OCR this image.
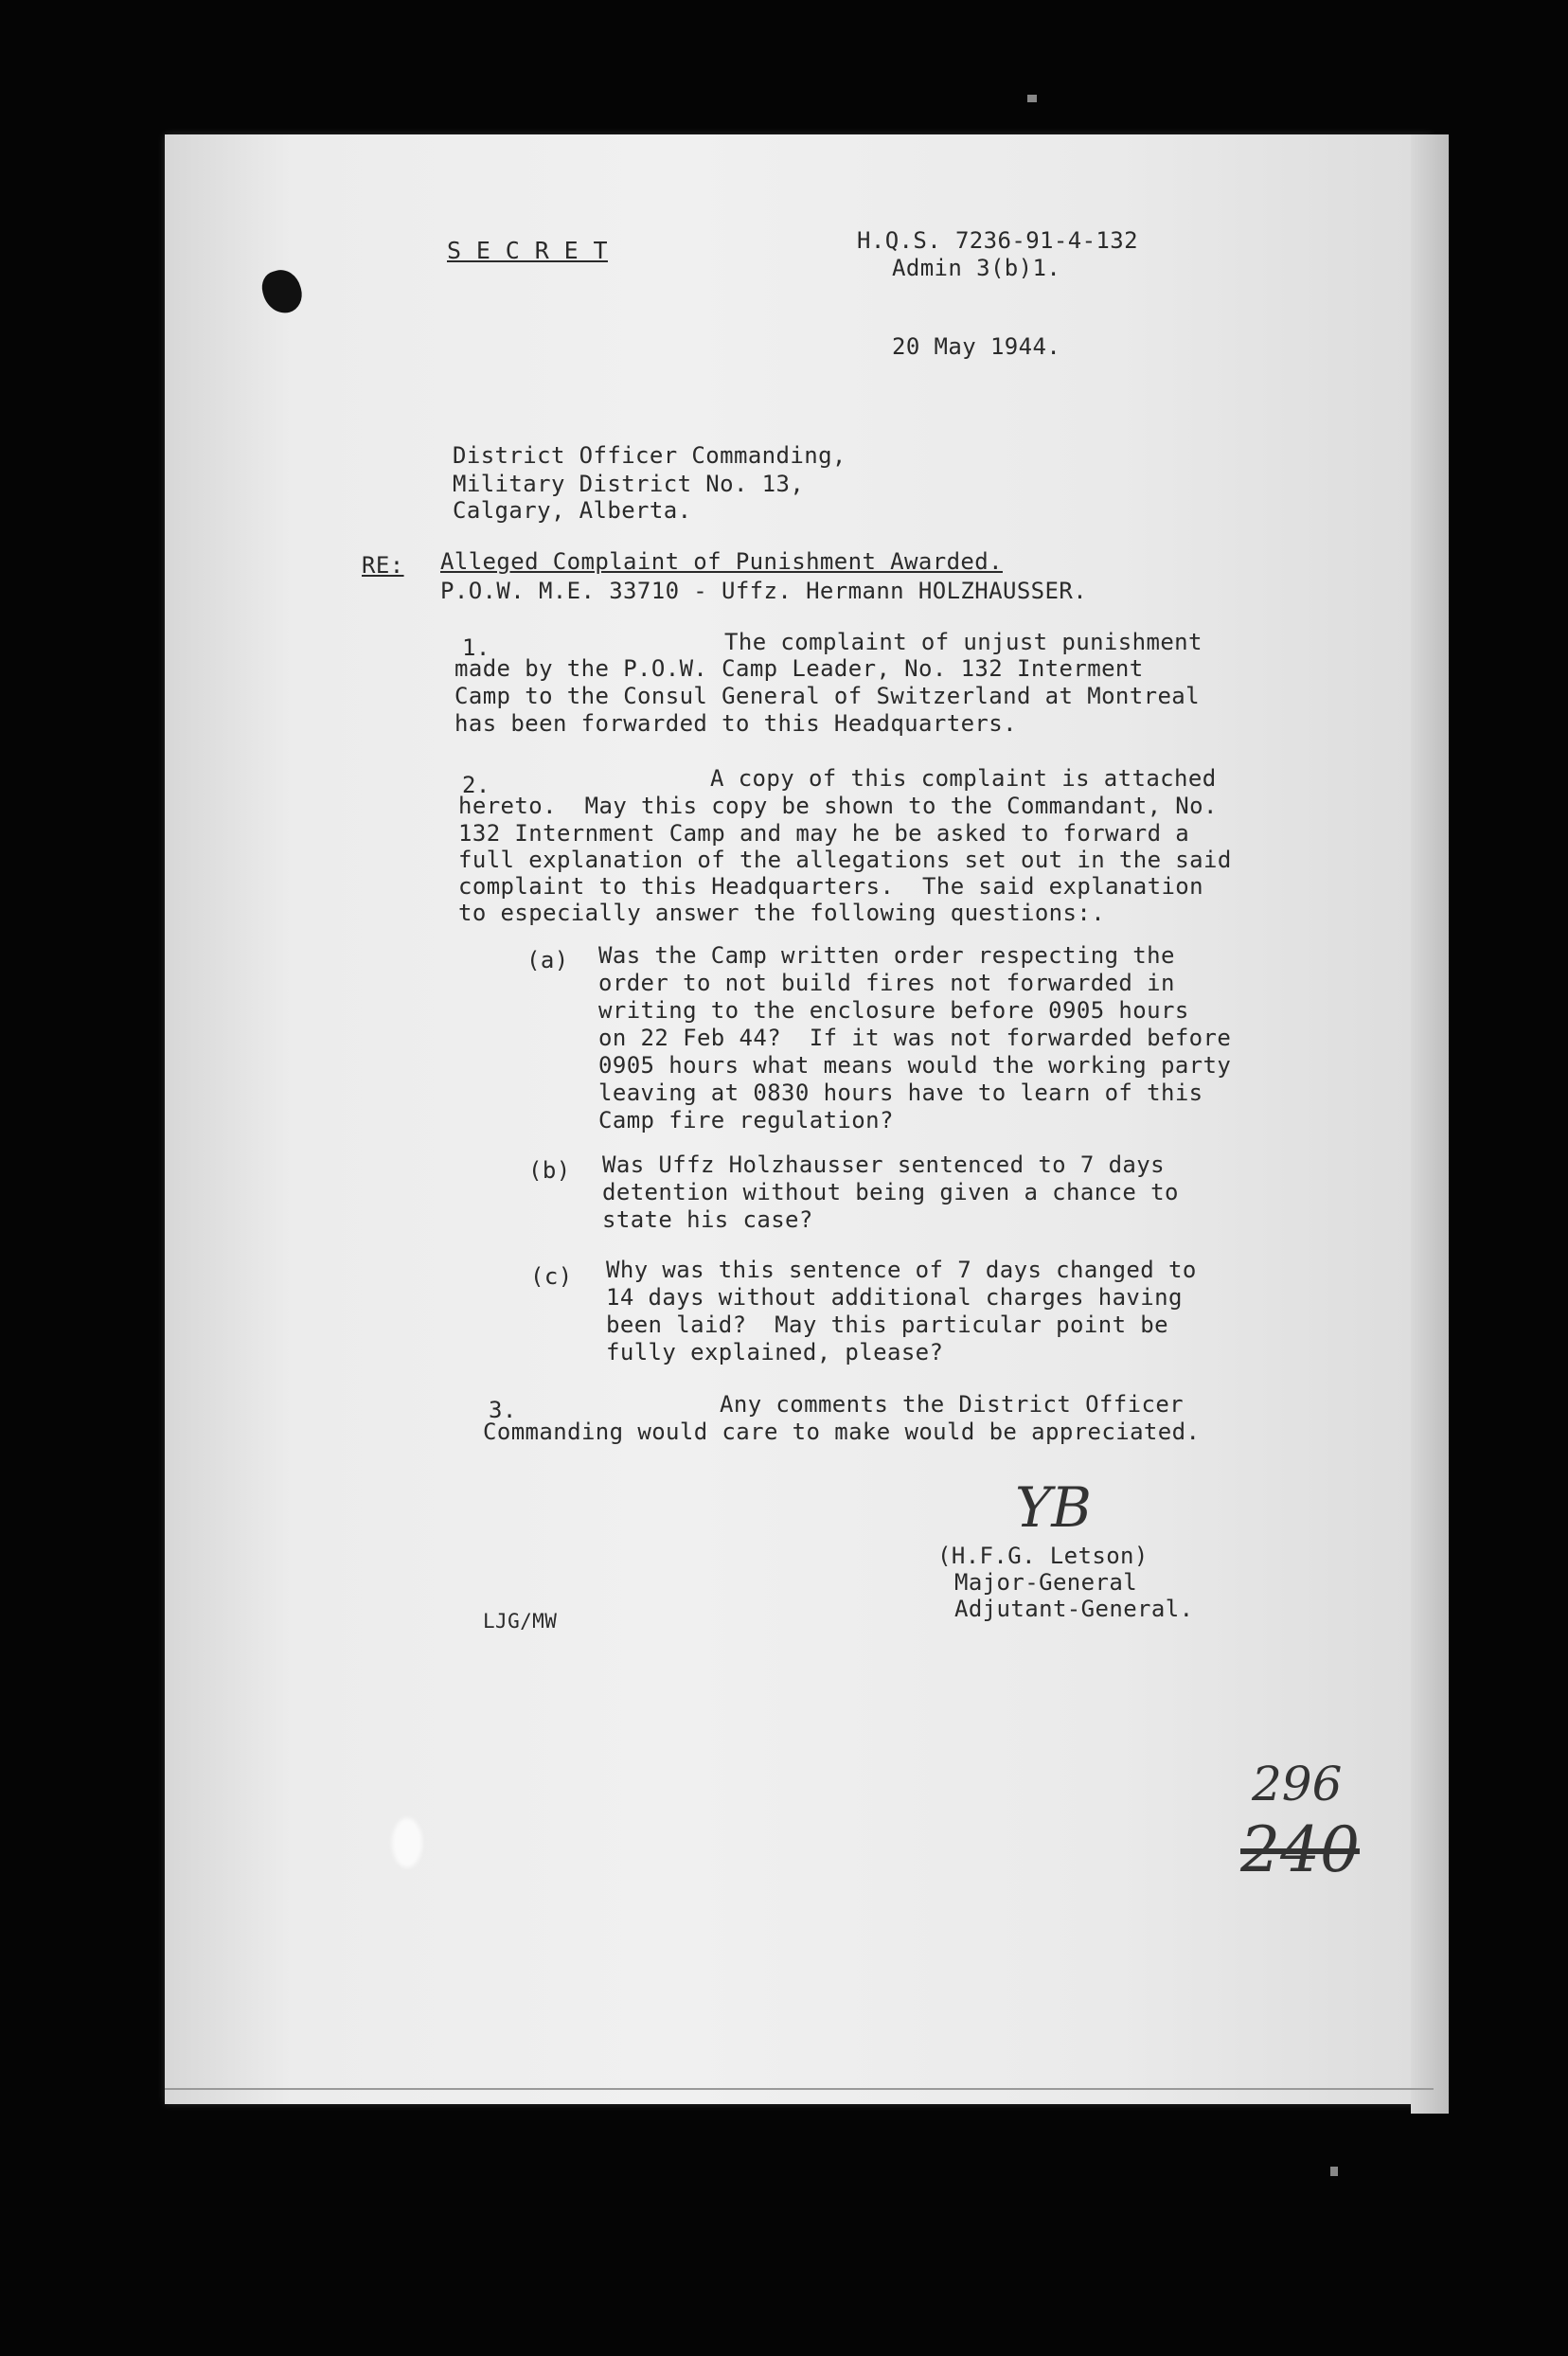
S E C R E T	H.Q.S. 7236-91-4-132
Admin 3(b)1.
20 May 1944.
District Officer Commanding,
Military District No. 13,
Calgary, Alberta.
RE: Alleged Complaint of Punishment Awarded.
P.O.W. M.E. 33710 - Uffz. Hermann HOLZHAUSSER.
1.	The complaint of unjust punishment
made by the P.O.W. Camp Leader, No. 132 Interment
Camp to the Consul General of Switzerland at Montreal
has been forwarded to this Headquarters.
2.	A copy of this complaint is attached
hereto.  May this copy be shown to the Commandant, No.
132 Internment Camp and may he be asked to forward a
full explanation of the allegations set out in the said
complaint to this Headquarters.  The said explanation
to especially answer the following questions:.
(a) Was the Camp written order respecting the
order to not build fires not forwarded in
writing to the enclosure before 0905 hours
on 22 Feb 44?  If it was not forwarded before
0905 hours what means would the working party
leaving at 0830 hours have to learn of this
Camp fire regulation?
(b) Was Uffz Holzhausser sentenced to 7 days
detention without being given a chance to
state his case?
(c) Why was this sentence of 7 days changed to
14 days without additional charges having
been laid?  May this particular point be
fully explained, please?
3.	Any comments the District Officer
Commanding would care to make would be appreciated.
YB
(H.F.G. Letson)
Major-General
Adjutant-General.
LJG/MW
296
240
